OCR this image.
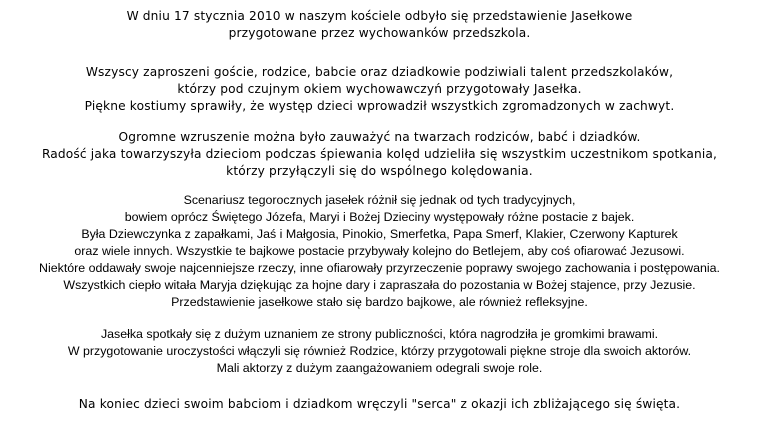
W dniu 17 stycznia 2010 w naszym kościele odbyło się przedstawienie Jasełkowe
przygotowane przez wychowanków przedszkola.
Wszyscy zaproszeni goście, rodzice, babcie oraz dziadkowie podziwiali talent przedszkolaków,
którzy pod czujnym okiem wychowawczyń przygotowały Jasełka.
Piękne kostiumy sprawiły, że występ dzieci wprowadził wszystkich zgromadzonych w zachwyt.
Ogromne wzruszenie można było zauważyć na twarzach rodziców, babć i dziadków.
Radość jaka towarzyszyła dzieciom podczas śpiewania kolęd udzieliła się wszystkim uczestnikom spotkania,
którzy przyłączyli się do wspólnego kolędowania.
Scenariusz tegorocznych jasełek różnił się jednak od tych tradycyjnych,
bowiem oprócz Świętego Józefa, Maryi i Bożej Dzieciny występowały różne postacie z bajek.
Była Dziewczynka z zapałkami, Jaś i Małgosia, Pinokio, Smerfetka, Papa Smerf, Klakier, Czerwony Kapturek
oraz wiele innych. Wszystkie te bajkowe postacie przybywały kolejno do Betlejem, aby coś ofiarować Jezusowi.
Niektóre oddawały swoje najcenniejsze rzeczy, inne ofiarowały przyrzeczenie poprawy swojego zachowania i postępowania.
Wszystkich ciepło witała Maryja dziękując za hojne dary i zapraszała do pozostania w Bożej stajence, przy Jezusie.
Przedstawienie jasełkowe stało się bardzo bajkowe, ale również refleksyjne.
Jasełka spotkały się z dużym uznaniem ze strony publiczności, która nagrodziła je gromkimi brawami.
W przygotowanie uroczystości włączyli się również Rodzice, którzy przygotowali piękne stroje dla swoich aktorów.
Mali aktorzy z dużym zaangażowaniem odegrali swoje role.
Na koniec dzieci swoim babciom i dziadkom wręczyli "serca" z okazji ich zbliżającego się święta.
